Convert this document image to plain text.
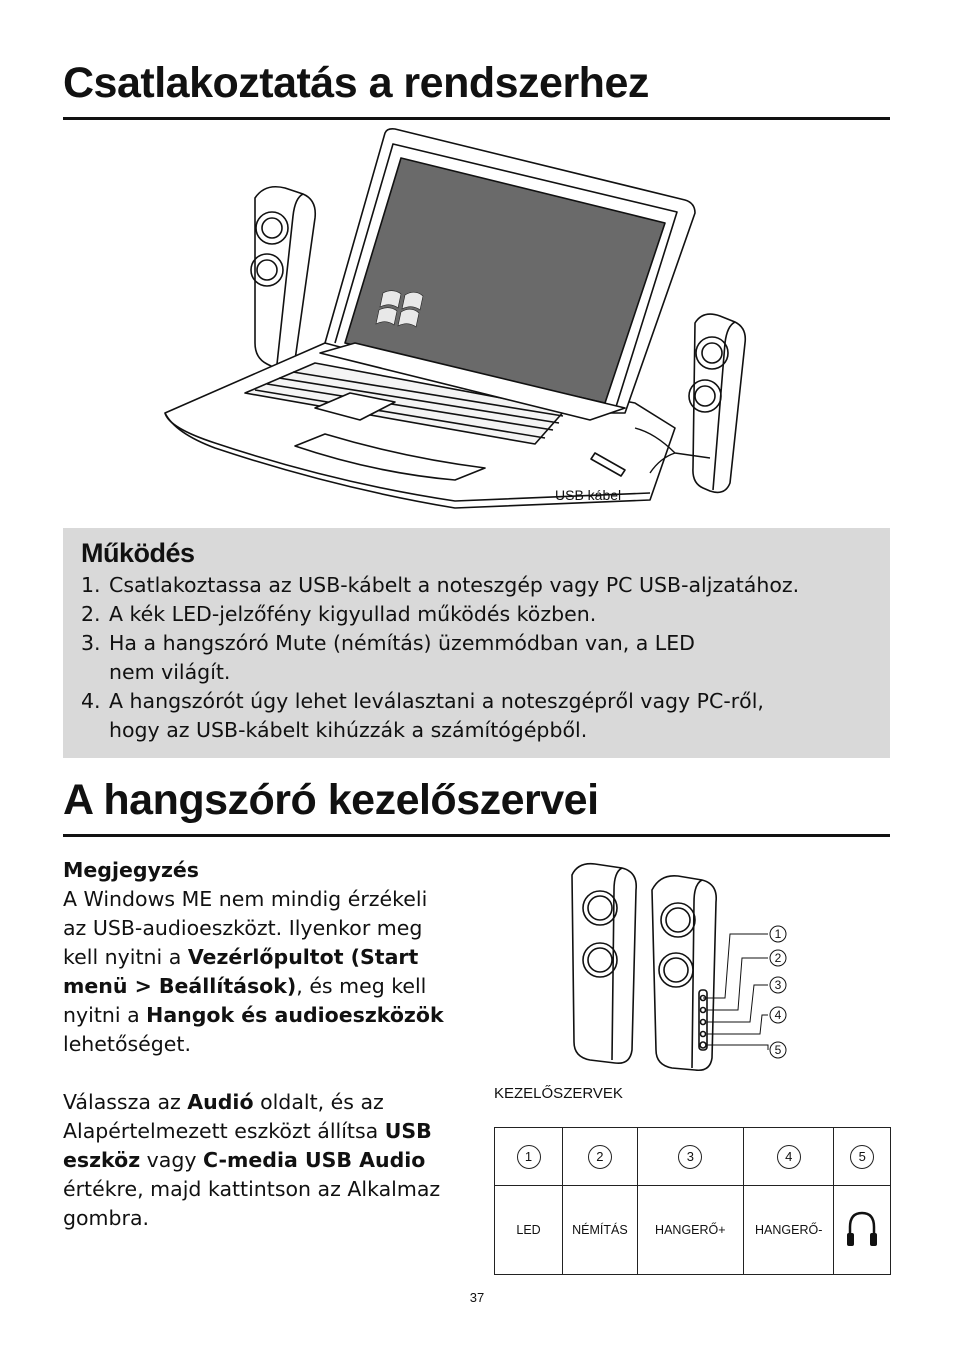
Csatlakoztatás a rendszerhez
USB kábel
Működés
1. Csatlakoztassa az USB-kábelt a noteszgép vagy PC USB-aljzatához.
2. A kék LED-jelzőfény kigyullad működés közben.
3. Ha a hangszóró Mute (némítás) üzemmódban van, a LED
nem világít.
4. A hangszórót úgy lehet leválasztani a noteszgépről vagy PC-ről,
hogy az USB-kábelt kihúzzák a számítógépből.
A hangszóró kezelőszervei

Megjegyzés

A Windows ME nem mindig érzékeli az USB-audioeszközt. Ilyenkor meg kell nyitni a Vezérlőpultot (Start menü > Beállítások), és meg kell nyitni a Hangok és audioeszközök lehetőséget.

Válassza az Audió oldalt, és az Alapértelmezett eszközt állítsa USB eszköz vagy C-media USB Audio értékre, majd kattintson az Alkalmaz gombra.

1
2
3
4
5
KEZELŐSZERVEK
1	2	3	4	5
LED	NÉMÍTÁS	HANGERŐ+	HANGERŐ-	
37
